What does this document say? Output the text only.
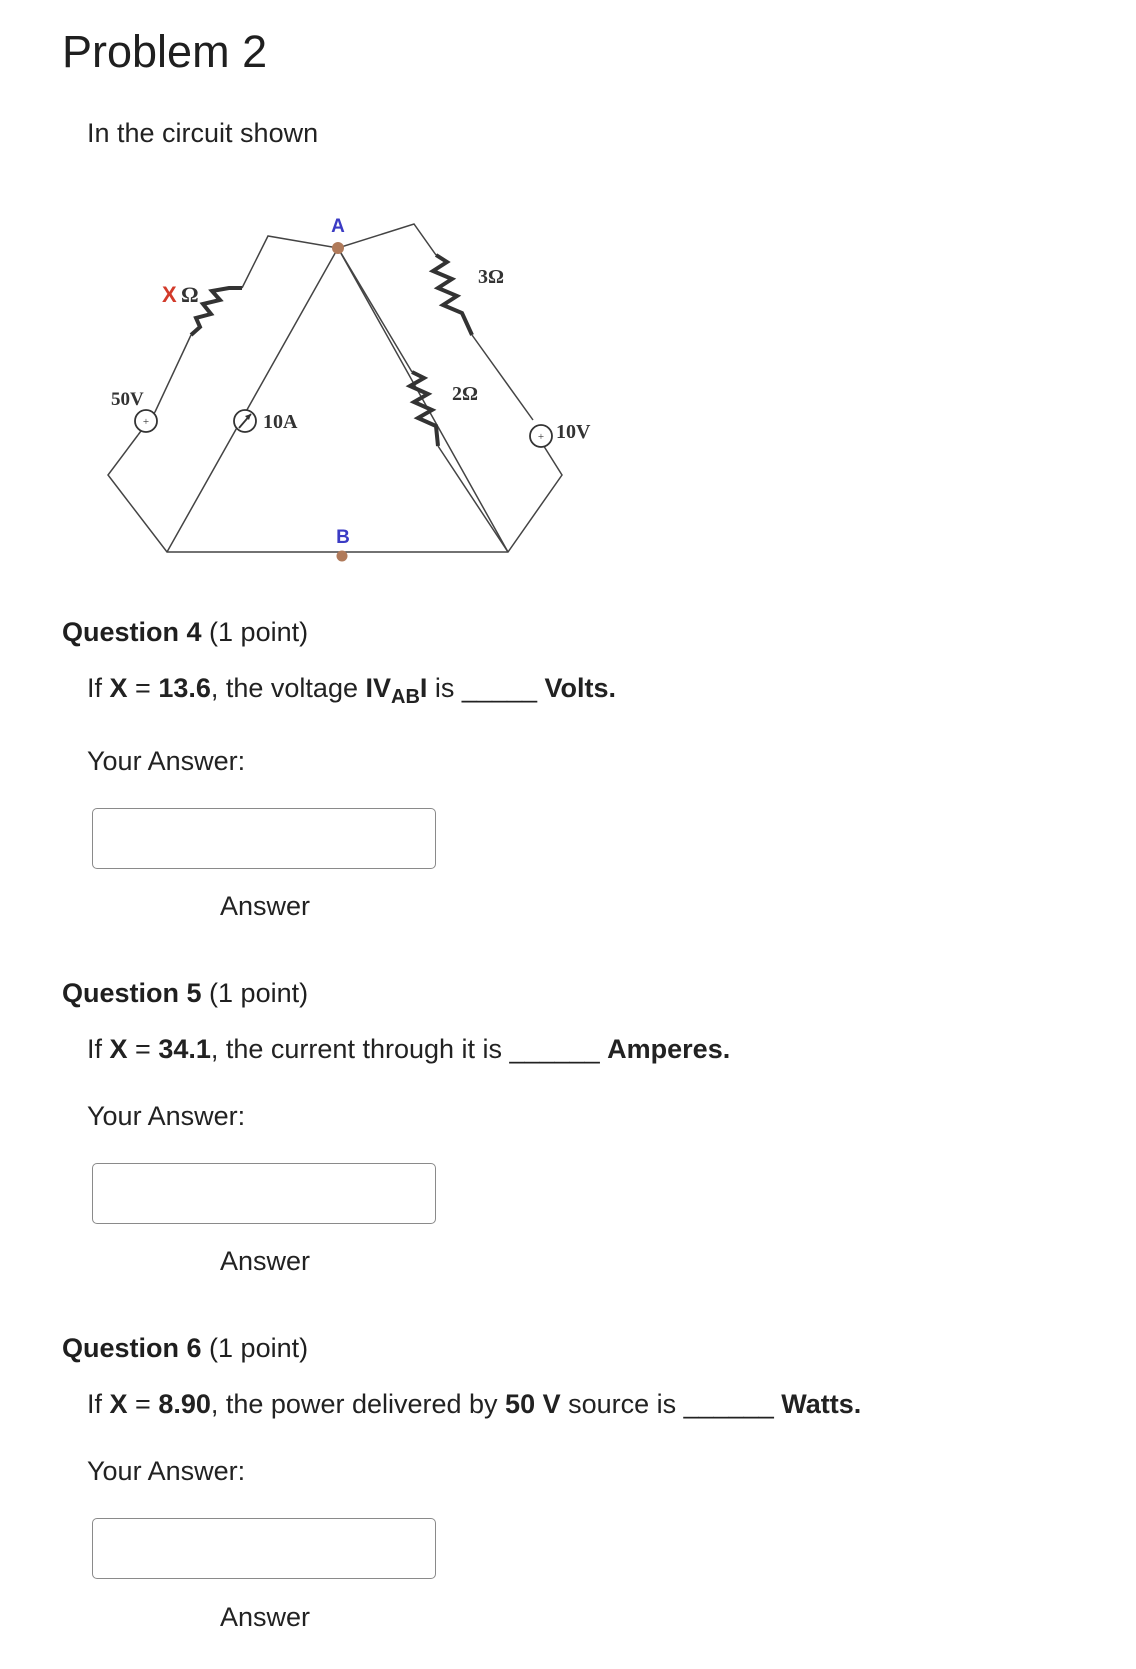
Problem 2
In the circuit shown
+
+
A
B
X Ω
3Ω
2Ω
50V
10A	10V
Question 4 (1 point)
If X = 13.6, the voltage $IV_{AB}I$ is _____ Volts.
Your Answer:
Answer
Question 5 (1 point)
If X = 34.1, the current through it is ______ Amperes.
Your Answer:
Answer
Question 6 (1 point)
If X = 8.90, the power delivered by 50 V source is ______ Watts.
Your Answer:
Answer
